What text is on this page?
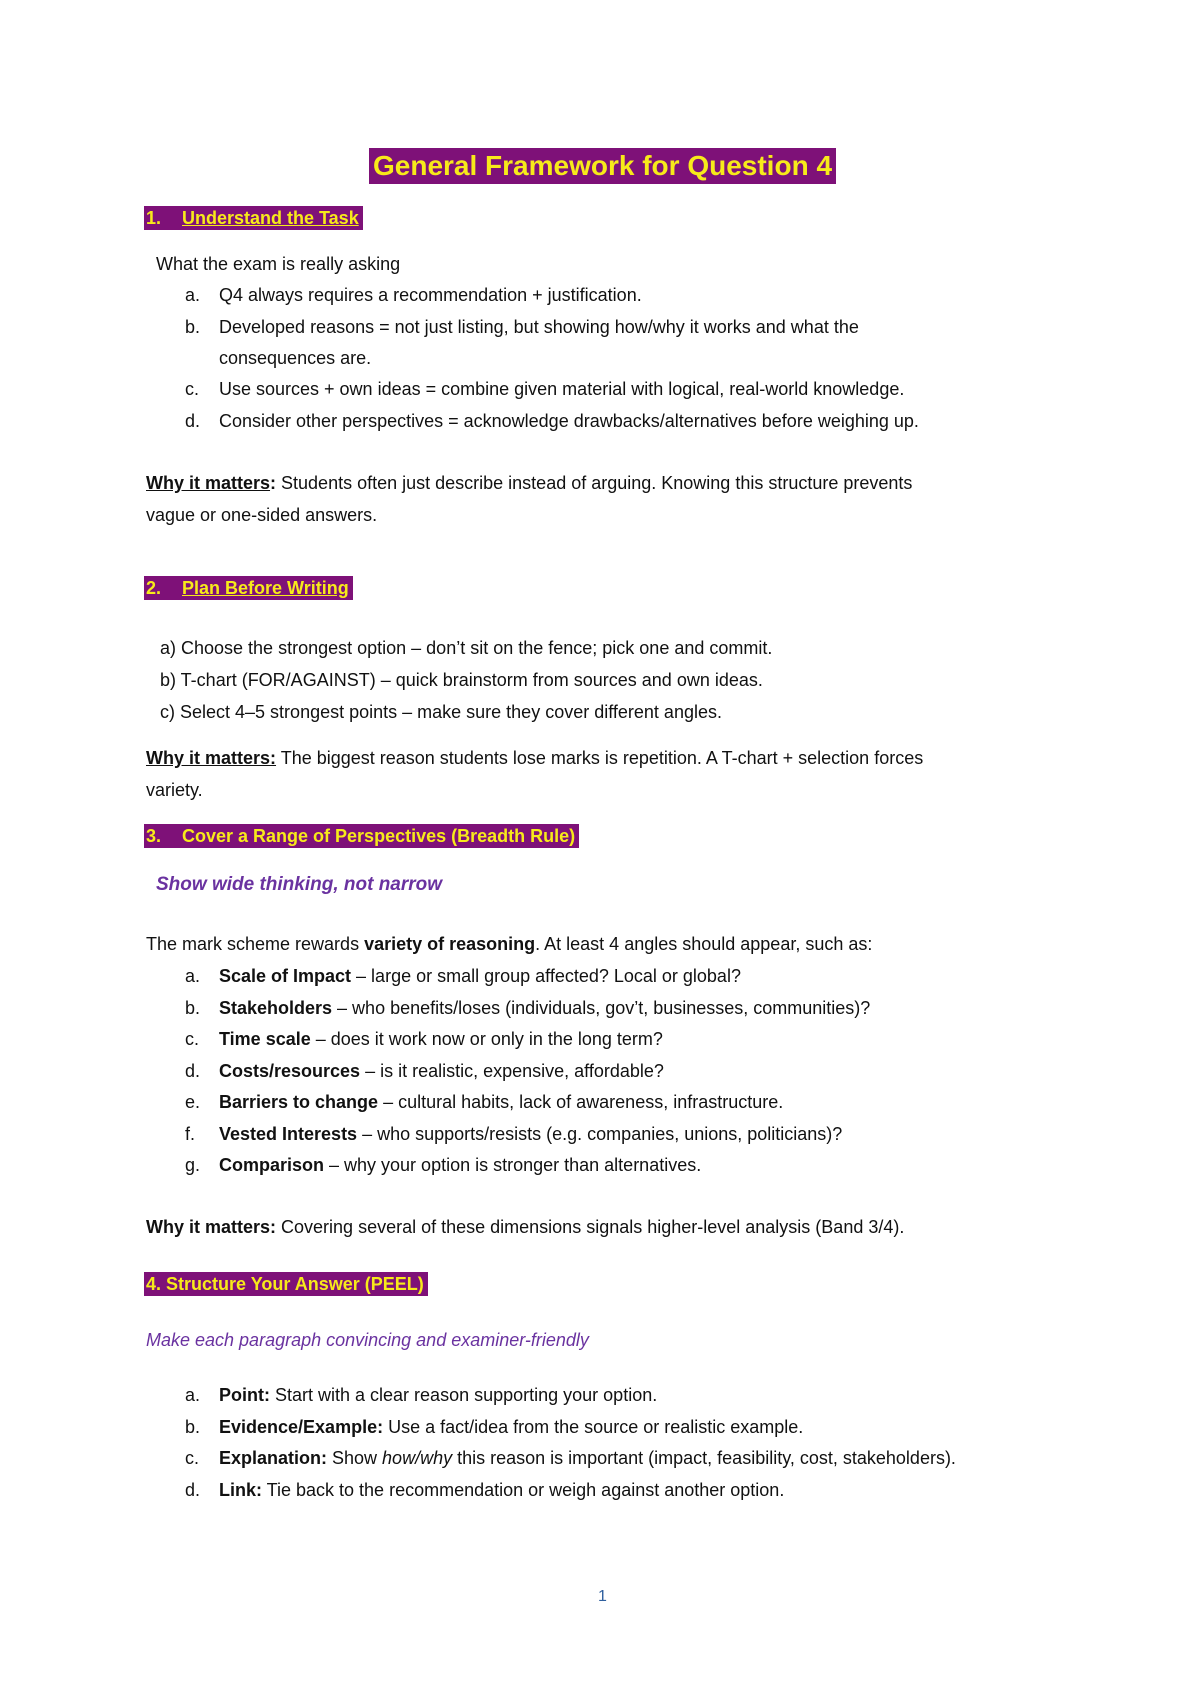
General Framework for Question 4
1. Understand the Task
What the exam is really asking
a.	Q4 always requires a recommendation + justification.
b.	Developed reasons = not just listing, but showing how/why it works and what the
consequences are.
c.	Use sources + own ideas = combine given material with logical, real-world knowledge.
d.	Consider other perspectives = acknowledge drawbacks/alternatives before weighing up.
Why it matters: Students often just describe instead of arguing. Knowing this structure prevents
vague or one-sided answers.
2. Plan Before Writing
a) Choose the strongest option – don’t sit on the fence; pick one and commit.
b) T-chart (FOR/AGAINST) – quick brainstorm from sources and own ideas.
c) Select 4–5 strongest points – make sure they cover different angles.
Why it matters: The biggest reason students lose marks is repetition. A T-chart + selection forces
variety.
3. Cover a Range of Perspectives (Breadth Rule)
Show wide thinking, not narrow
The mark scheme rewards variety of reasoning. At least 4 angles should appear, such as:
a.	Scale of Impact – large or small group affected? Local or global?
b.	Stakeholders – who benefits/loses (individuals, gov’t, businesses, communities)?
c.	Time scale – does it work now or only in the long term?
d.	Costs/resources – is it realistic, expensive, affordable?
e.	Barriers to change – cultural habits, lack of awareness, infrastructure.
f.	Vested Interests – who supports/resists (e.g. companies, unions, politicians)?
g.	Comparison – why your option is stronger than alternatives.
Why it matters: Covering several of these dimensions signals higher-level analysis (Band 3/4).
4. Structure Your Answer (PEEL)
Make each paragraph convincing and examiner-friendly
a.	Point: Start with a clear reason supporting your option.
b.	Evidence/Example: Use a fact/idea from the source or realistic example.
c.	Explanation: Show how/why this reason is important (impact, feasibility, cost, stakeholders).
d.	Link: Tie back to the recommendation or weigh against another option.
1
